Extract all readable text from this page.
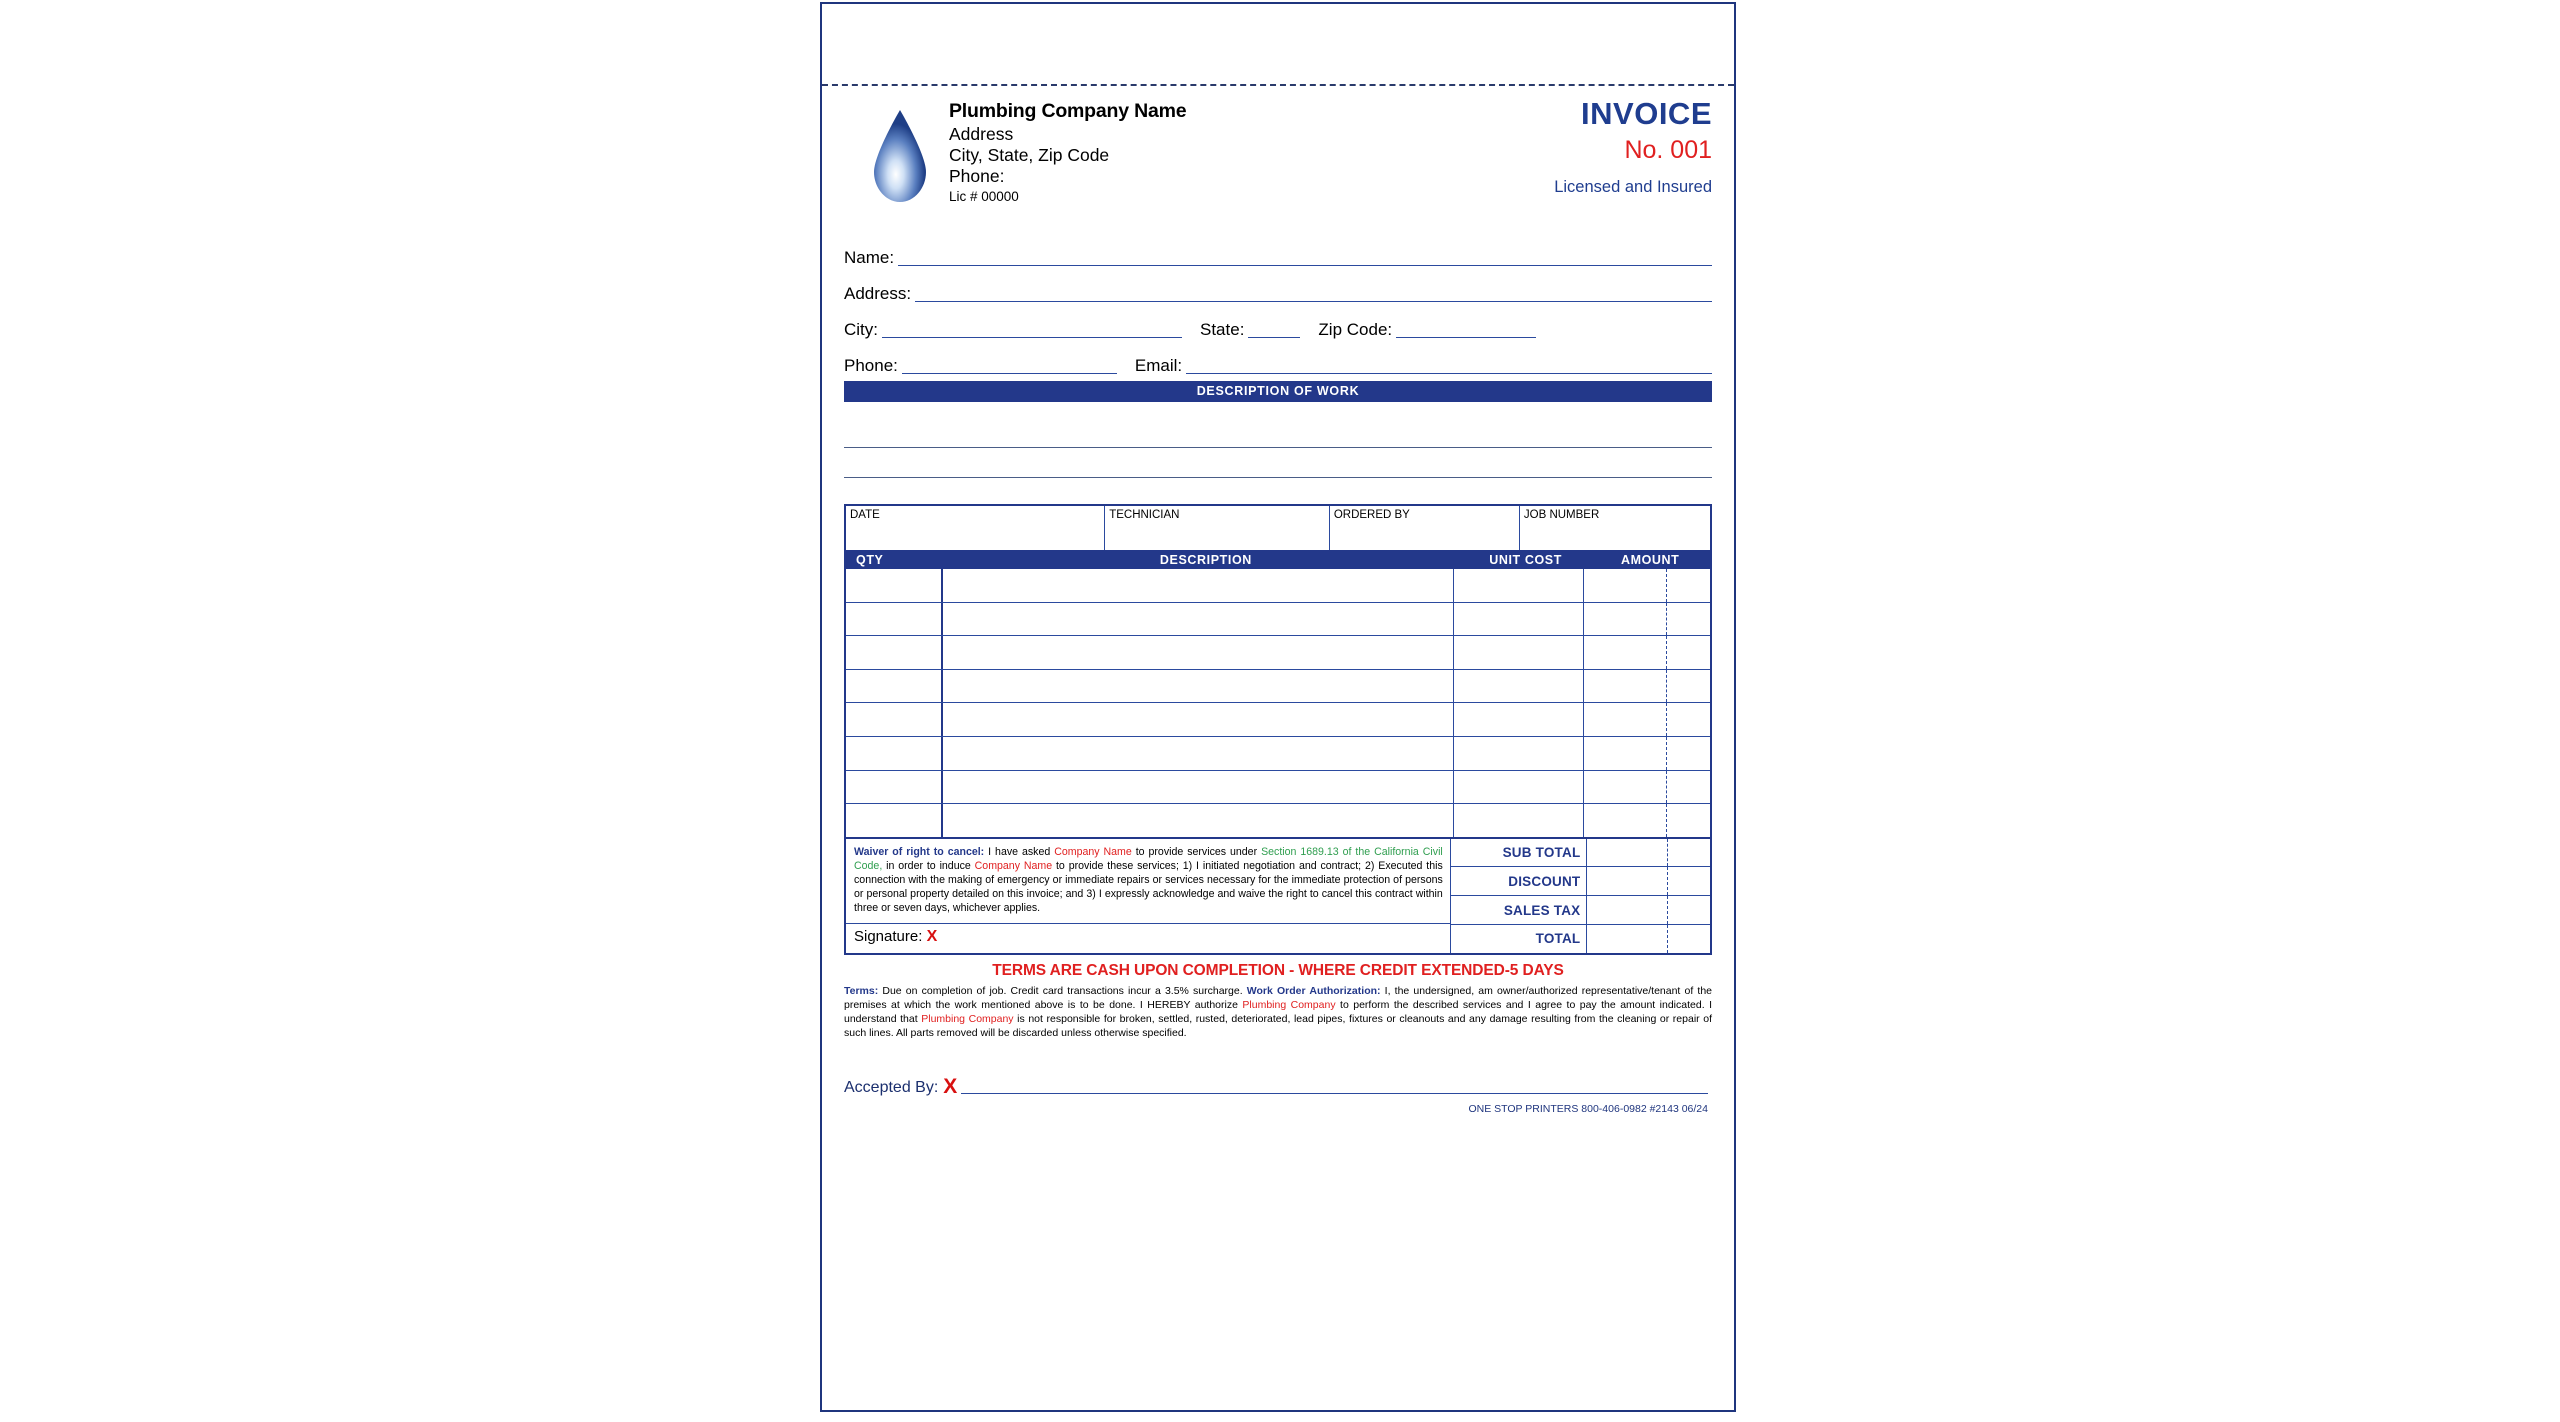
Plumbing Company Name
Address
City, State, Zip Code
Phone:
Lic # 00000
INVOICE
No. 001
Licensed and Insured
Name:
Address:
City:	State:	Zip Code:
Phone:	Email:
DESCRIPTION OF WORK
DATE	TECHNICIAN	ORDERED BY	JOB NUMBER
QTY	DESCRIPTION	UNIT COST	AMOUNT

Waiver of right to cancel: I have asked Company Name to provide services under Section 1689.13 of the California Civil Code, in order to induce Company Name to provide these services; 1) I initiated negotiation and contract; 2) Executed this connection with the making of emergency or immediate repairs or services necessary for the immediate protection of persons or personal property detailed on this invoice; and 3) I expressly acknowledge and waive the right to cancel this contract within three or seven days, whichever applies.

Signature: X
SUB TOTAL
DISCOUNT
SALES TAX
TOTAL
TERMS ARE CASH UPON COMPLETION - WHERE CREDIT EXTENDED-5 DAYS
Terms: Due on completion of job. Credit card transactions incur a 3.5% surcharge. Work Order Authorization: I, the undersigned, am owner/authorized representative/tenant of the premises at which the work mentioned above is to be done. I HEREBY authorize Plumbing Company to perform the described services and I agree to pay the amount indicated. I understand that Plumbing Company is not responsible for broken, settled, rusted, deteriorated, lead pipes, fixtures or cleanouts and any damage resulting from the cleaning or repair of such lines. All parts removed will be discarded unless otherwise specified.
Accepted By: X
ONE STOP PRINTERS 800-406-0982 #2143 06/24
